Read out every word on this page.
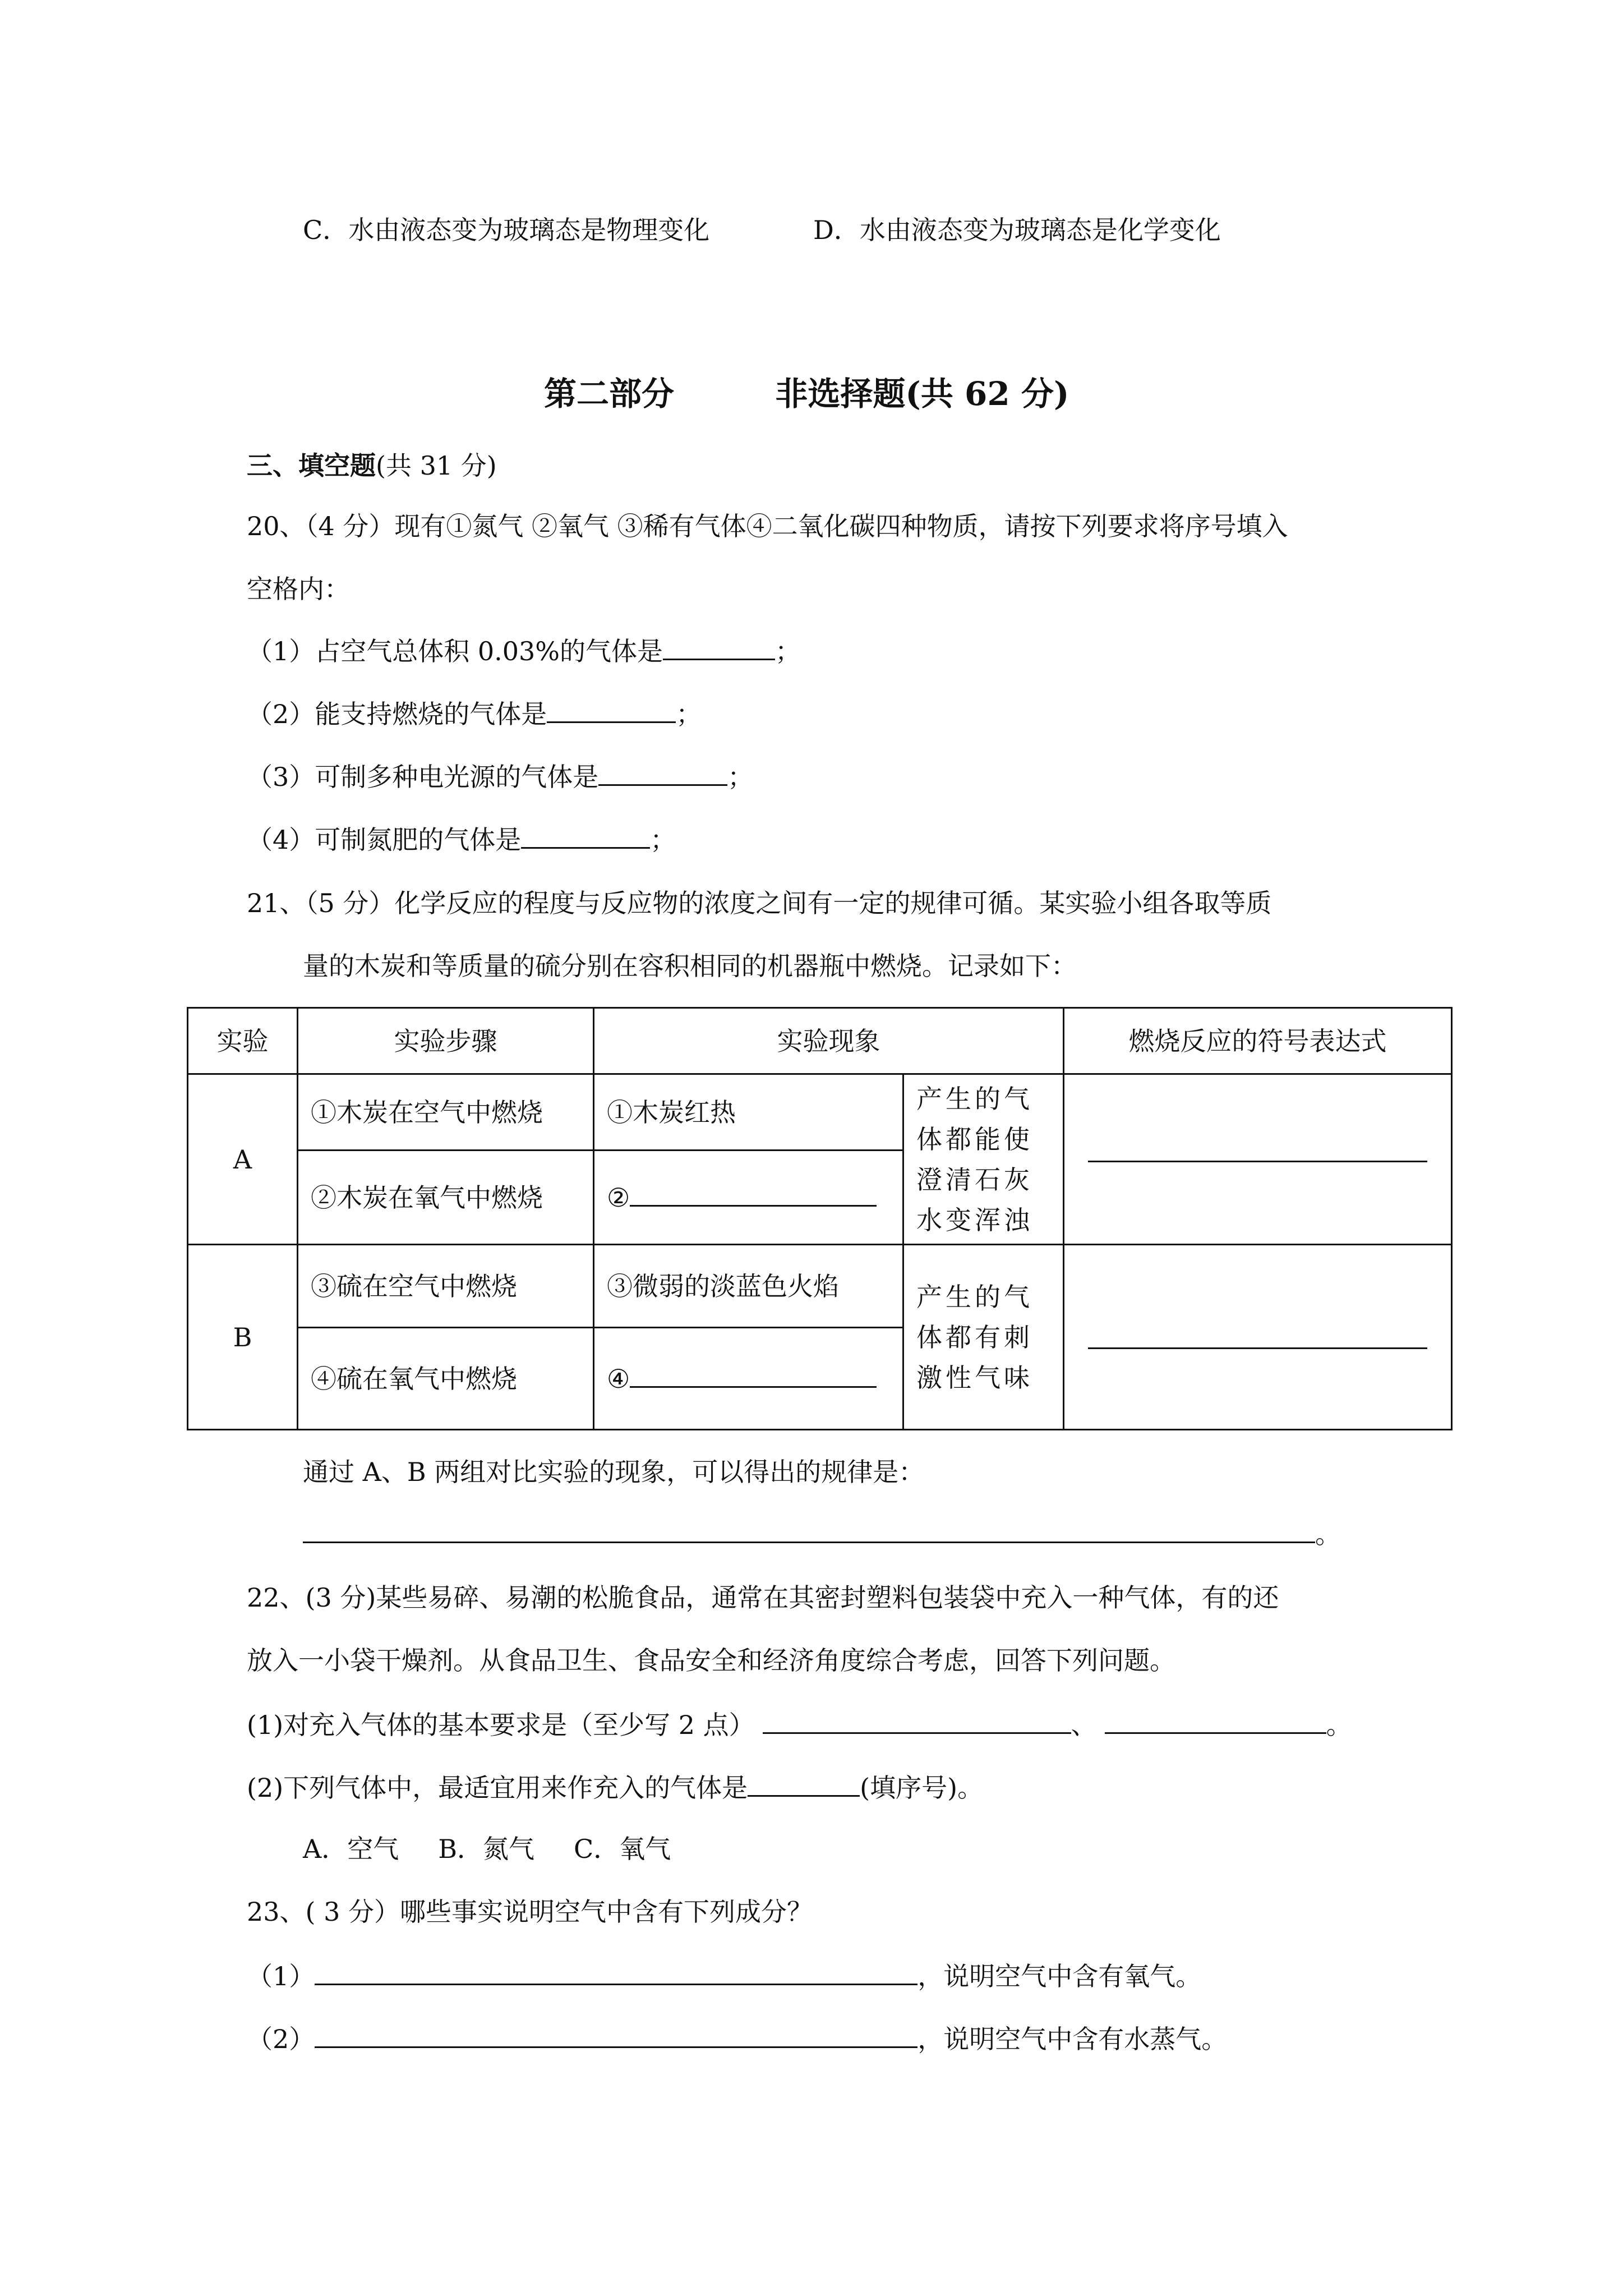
C．水由液态变为玻璃态是物理变化	D．水由液态变为玻璃态是化学变化
第二部分	非选择题(共 62 分)
三、填空题(共 31 分)
20、（4 分）现有①氮气 ②氧气 ③稀有气体④二氧化碳四种物质，请按下列要求将序号填入
空格内：
（1）占空气总体积 0.03%的气体是	；
（2）能支持燃烧的气体是	；
（3）可制多种电光源的气体是	；
（4）可制氮肥的气体是	；
21、（5 分）化学反应的程度与反应物的浓度之间有一定的规律可循。某实验小组各取等质
量的木炭和等质量的硫分别在容积相同的机器瓶中燃烧。记录如下：
实验	实验步骤	实验现象		燃烧反应的符号表达式
A	①木炭在空气中燃烧	①木炭红热	产生的气体都能使澄清石灰水变浑浊	

	②木炭在氧气中燃烧	②		
B	③硫在空气中燃烧	③微弱的淡蓝色火焰	产生的气体都有刺激性气味	

	④硫在氧气中燃烧	④		
通过 A、B 两组对比实验的现象，可以得出的规律是：
。
22、(3 分)某些易碎、易潮的松脆食品，通常在其密封塑料包装袋中充入一种气体，有的还
放入一小袋干燥剂。从食品卫生、食品安全和经济角度综合考虑，回答下列问题。
(1)对充入气体的基本要求是（至少写 2 点）	、	。
(2)下列气体中，最适宜用来作充入的气体是	(填序号)。
A．空气 B．氮气 C．氧气
23、( 3 分）哪些事实说明空气中含有下列成分？
（1）	，说明空气中含有氧气。
（2）	，说明空气中含有水蒸气。
